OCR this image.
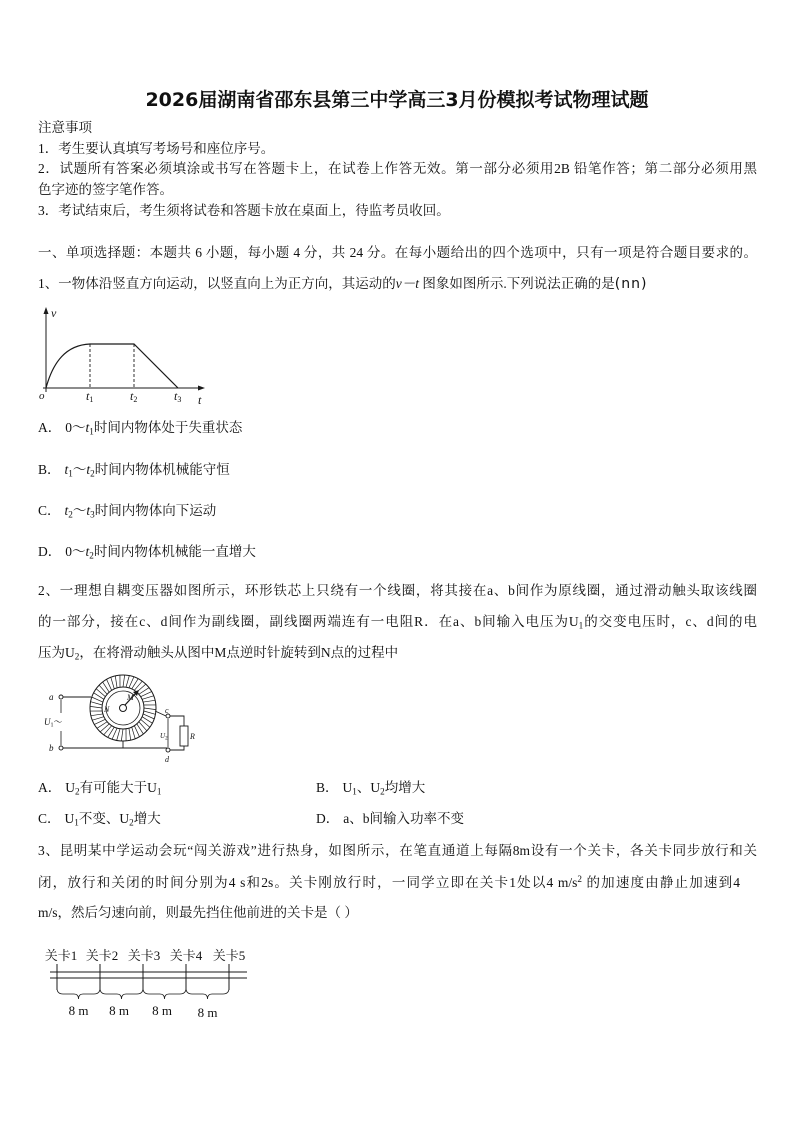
2026届湖南省邵东县第三中学高三3月份模拟考试物理试题
注意事项
1．考生要认真填写考场号和座位序号。
2．试题所有答案必须填涂或书写在答题卡上，在试卷上作答无效。第一部分必须用2B 铅笔作答；第二部分必须用黑
色字迹的签字笔作答。
3．考试结束后，考生须将试卷和答题卡放在桌面上，待监考员收回。
一、单项选择题：本题共 6 小题，每小题 4 分，共 24 分。在每小题给出的四个选项中，只有一项是符合题目要求的。
1、一物体沿竖直方向运动，以竖直向上为正方向，其运动的v－t 图象如图所示.下列说法正确的是(nn)
v
o	t
t1	t2	t3
A． $0\sim t_1$时间内物体处于失重状态
B． $t_1\sim t_2$时间内物体机械能守恒
C． $t_2\sim t_3$时间内物体向下运动
D． $0\sim t_2$时间内物体机械能一直增大
2、一理想自耦变压器如图所示，环形铁芯上只绕有一个线圈，将其接在a、b间作为原线圈，通过滑动触头取该线圈
的一部分，接在c、d间作为副线圈，副线圈两端连有一电阻R．在a、b间输入电压为$U_1$的交变电压时，c、d间的电
压为$U_2$，在将滑动触头从图中M点逆时针旋转到N点的过程中
a
b
U1～
M
N	c
d
$U_2$	R
A． $U_2$有可能大于$U_1$	B． $U_1$、$U_2$均增大
C． $U_1$不变、$U_2$增大	D． a、b间输入功率不变
3、昆明某中学运动会玩“闯关游戏”进行热身，如图所示，在笔直通道上每隔8m设有一个关卡，各关卡同步放行和关
闭，放行和关闭的时间分别为4 s和2s。关卡刚放行时，一同学立即在关卡1处以4 $m/s^2$ 的加速度由静止加速到4
m/s，然后匀速向前，则最先挡住他前进的关卡是（ ）
关卡1 关卡2 关卡3 关卡4 关卡5
8 m 8 m 8 m 8 m
